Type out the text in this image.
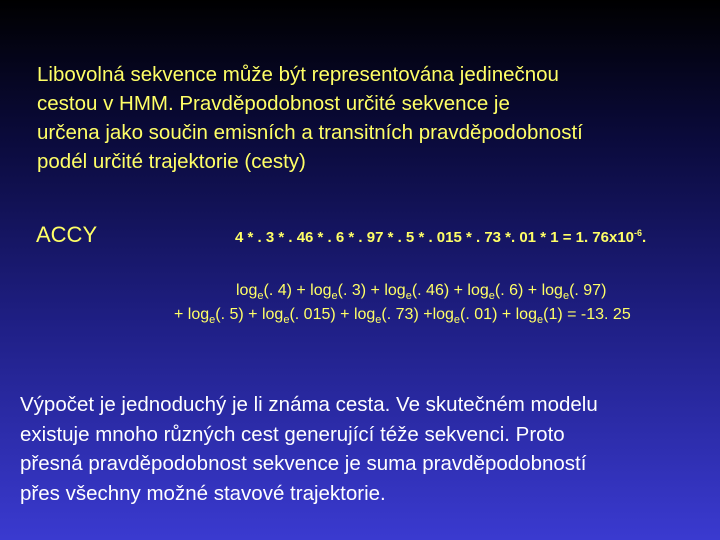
Libovolná sekvence může být representována jedinečnou
cestou v HMM. Pravděpodobnost určité sekvence je
určena jako součin emisních a transitních pravděpodobností
podél určité trajektorie (cesty)
ACCY	4 * . 3 * . 46 * . 6 * . 97 * . 5 * . 015 * . 73 *. 01 * 1 = 1. $76x10^{-6}$.
$\log_e$(. $4) + \log_e$(. $3) + \log_e$(. $46) + \log_e$(. $6) + \log_e$(. 97)
+ $\log_e$(. $5) + \log_e$(. $015) + \log_e$(. $73) +\log_e$(. $01) + \log_e(1) = -13$. 25
Výpočet je jednoduchý je li známa cesta. Ve skutečném modelu
existuje mnoho různých cest generující téže sekvenci. Proto
přesná pravděpodobnost sekvence je suma pravděpodobností
přes všechny možné stavové trajektorie.
